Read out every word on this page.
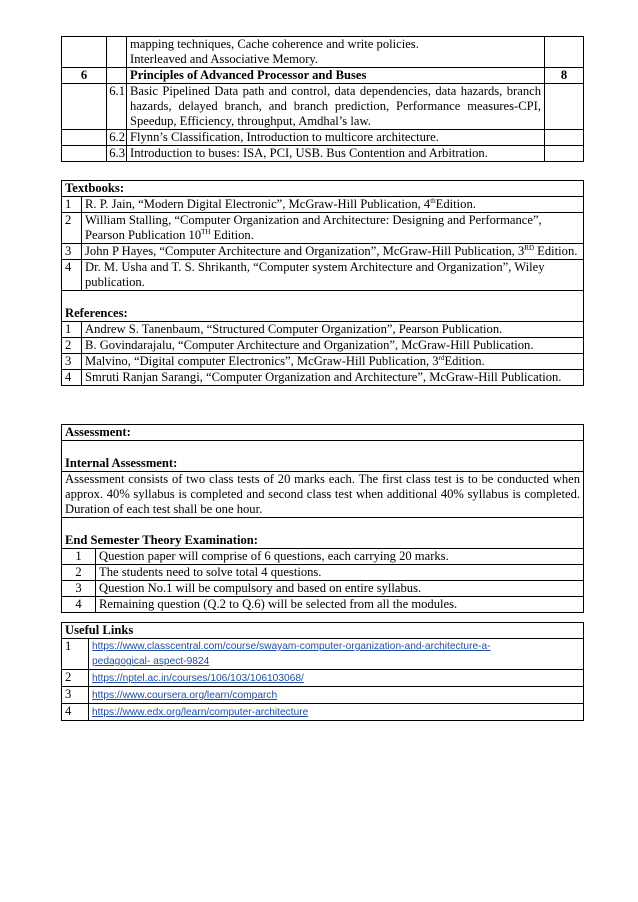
		mapping techniques, Cache coherence and write policies.
Interleaved and Associative Memory.	

6		Principles of Advanced Processor and Buses	8
	6.1	Basic Pipelined Data path and control, data dependencies, data hazards, branch hazards, delayed branch, and branch prediction, Performance measures-CPI, Speedup, Efficiency, throughput, Amdhal’s law.	
	6.2	Flynn’s Classification, Introduction to multicore architecture.	
	6.3	Introduction to buses: ISA, PCI, USB. Bus Contention and Arbitration.	
Textbooks:	
1	R. P. Jain, “Modern Digital Electronic”, McGraw-Hill Publication, 4thEdition.
2	William Stalling, “Computer Organization and Architecture: Designing and Performance”, Pearson Publication 10TH Edition.
3	John P Hayes, “Computer Architecture and Organization”, McGraw-Hill Publication, 3RD Edition.
4	Dr. M. Usha and T. S. Shrikanth, “Computer system Architecture and Organization”, Wiley publication.

References:	
1	Andrew S. Tanenbaum, “Structured Computer Organization”, Pearson Publication.
2	B. Govindarajalu, “Computer Architecture and Organization”, McGraw-Hill Publication.
3	Malvino, “Digital computer Electronics”, McGraw-Hill Publication, 3rdEdition.
4	Smruti Ranjan Sarangi, “Computer Organization and Architecture”, McGraw-Hill Publication.
Assessment:	

Internal Assessment:	
Assessment consists of two class tests of 20 marks each. The first class test is to be conducted when approx. 40% syllabus is completed and second class test when additional 40% syllabus is completed. Duration of each test shall be one hour.	

End Semester Theory Examination:	
1	Question paper will comprise of 6 questions, each carrying 20 marks.
2	The students need to solve total 4 questions.
3	Question No.1 will be compulsory and based on entire syllabus.
4	Remaining question (Q.2 to Q.6) will be selected from all the modules.
Useful Links	
1	https://www.classcentral.com/course/swayam-computer-organization-and-architecture-a-
pedagogical- aspect-9824

2	https://nptel.ac.in/courses/106/103/106103068/
3	https://www.coursera.org/learn/comparch
4	https://www.edx.org/learn/computer-architecture
